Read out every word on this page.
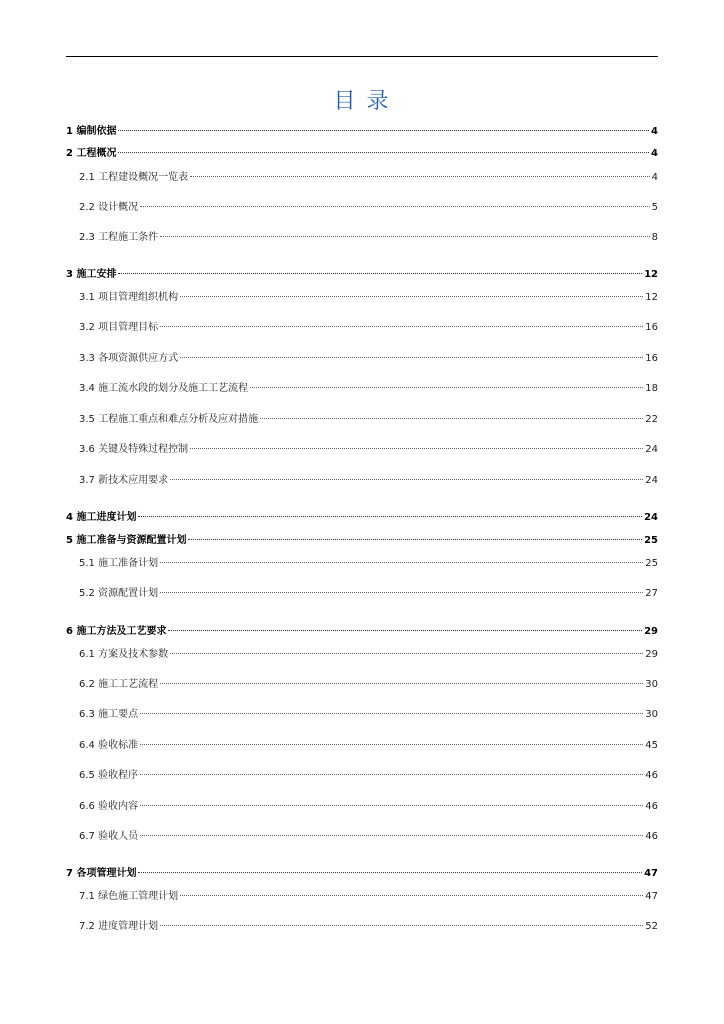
目 录
1 编制依据	4
2 工程概况	4
2.1 工程建设概况一览表	4
2.2 设计概况	5
2.3 工程施工条件	8
3 施工安排	12
3.1 项目管理组织机构	12
3.2 项目管理目标	16
3.3 各项资源供应方式	16
3.4 施工流水段的划分及施工工艺流程	18
3.5 工程施工重点和难点分析及应对措施	22
3.6 关键及特殊过程控制	24
3.7 新技术应用要求	24
4 施工进度计划	24
5 施工准备与资源配置计划	25
5.1 施工准备计划	25
5.2 资源配置计划	27
6 施工方法及工艺要求	29
6.1 方案及技术参数	29
6.2 施工工艺流程	30
6.3 施工要点	30
6.4 验收标准	45
6.5 验收程序	46
6.6 验收内容	46
6.7 验收人员	46
7 各项管理计划	47
7.1 绿色施工管理计划	47
7.2 进度管理计划	52
